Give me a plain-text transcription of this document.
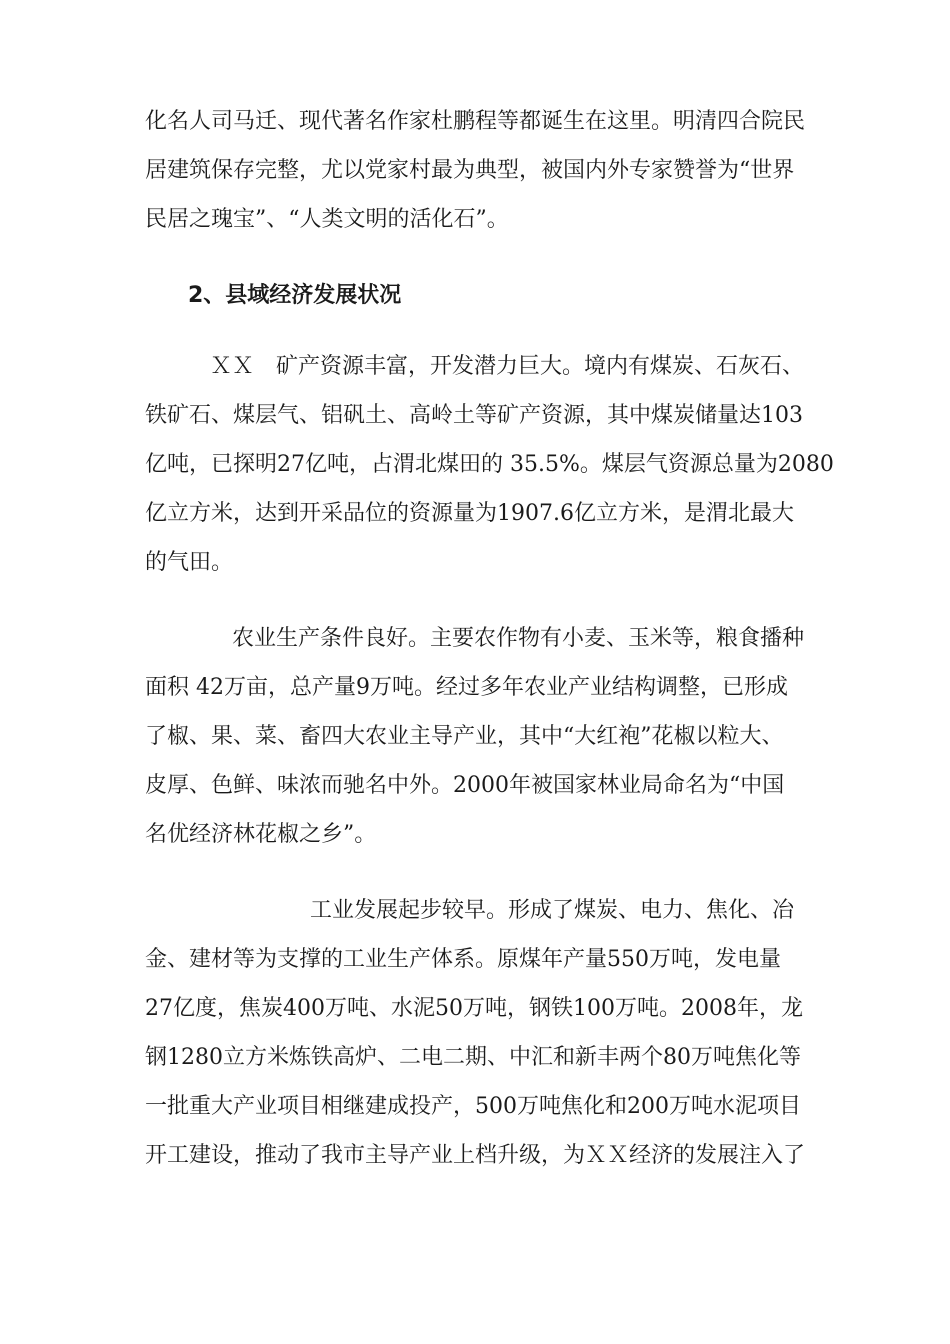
化名人司马迁、现代著名作家杜鹏程等都诞生在这里。明清四合院民
居建筑保存完整，尤以党家村最为典型，被国内外专家赞誉为“世界
民居之瑰宝”、“人类文明的活化石”。
2、县域经济发展状况
ＸＸ　矿产资源丰富，开发潜力巨大。境内有煤炭、石灰石、
铁矿石、煤层气、铝矾土、高岭土等矿产资源，其中煤炭储量达103
亿吨，已探明27亿吨，占渭北煤田的 35.5%。煤层气资源总量为2080
亿立方米，达到开采品位的资源量为1907.6亿立方米，是渭北最大
的气田。
农业生产条件良好。主要农作物有小麦、玉米等，粮食播种
面积 42万亩，总产量9万吨。经过多年农业产业结构调整，已形成
了椒、果、菜、畜四大农业主导产业，其中“大红袍”花椒以粒大、
皮厚、色鲜、味浓而驰名中外。2000年被国家林业局命名为“中国
名优经济林花椒之乡”。
工业发展起步较早。形成了煤炭、电力、焦化、冶
金、建材等为支撑的工业生产体系。原煤年产量550万吨，发电量
27亿度，焦炭400万吨、水泥50万吨，钢铁100万吨。2008年，龙
钢1280立方米炼铁高炉、二电二期、中汇和新丰两个80万吨焦化等
一批重大产业项目相继建成投产，500万吨焦化和200万吨水泥项目
开工建设，推动了我市主导产业上档升级，为ＸＸ经济的发展注入了
